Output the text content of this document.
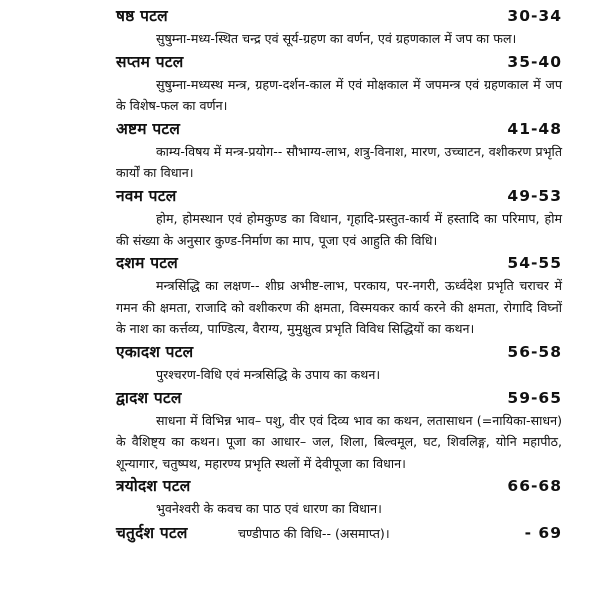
षष्ठ पटल	30-34

सुषुम्ना-मध्य-स्थित चन्द्र एवं सूर्य-ग्रहण का वर्णन, एवं ग्रहणकाल में जप का फल।

सप्तम पटल	35-40

सुषुम्ना-मध्यस्थ मन्त्र, ग्रहण-दर्शन-काल में एवं मोक्षकाल में जपमन्त्र एवं ग्रहणकाल में जप के विशेष-फल का वर्णन।

अष्टम पटल	41-48

काम्य-विषय में मन्त्र-प्रयोग-- सौभाग्य-लाभ, शत्रु-विनाश, मारण, उच्चाटन, वशीकरण प्रभृति कार्यों का विधान।

नवम पटल	49-53

होम, होमस्थान एवं होमकुण्ड का विधान, गृहादि-प्रस्तुत-कार्य में हस्तादि का परिमाप, होम की संख्या के अनुसार कुण्ड-निर्माण का माप, पूजा एवं आहुति की विधि।

दशम पटल	54-55

मन्त्रसिद्धि का लक्षण-- शीघ्र अभीष्ट-लाभ, परकाय, पर-नगरी, ऊर्ध्वदेश प्रभृति चराचर में गमन की क्षमता, राजादि को वशीकरण की क्षमता, विस्मयकर कार्य करने की क्षमता, रोगादि विघ्नों के नाश का कर्त्तव्य, पाण्डित्य, वैराग्य, मुमुक्षुत्व प्रभृति विविध सिद्धियों का कथन।

एकादश पटल	56-58

पुरश्चरण-विधि एवं मन्त्रसिद्धि के उपाय का कथन।

द्वादश पटल	59-65

साधना में विभिन्न भाव– पशु, वीर एवं दिव्य भाव का कथन, लतासाधन (=नायिका-साधन) के वैशिष्ट्य का कथन। पूजा का आधार– जल, शिला, बिल्वमूल, घट, शिवलिङ्ग, योनि महापीठ, शून्यागार, चतुष्पथ, महारण्य प्रभृति स्थलों में देवीपूजा का विधान।

त्रयोदश पटल	66-68

भुवनेश्वरी के कवच का पाठ एवं धारण का विधान।

चतुर्दश पटल	चण्डीपाठ की विधि-- (असमाप्त)।	- 69
